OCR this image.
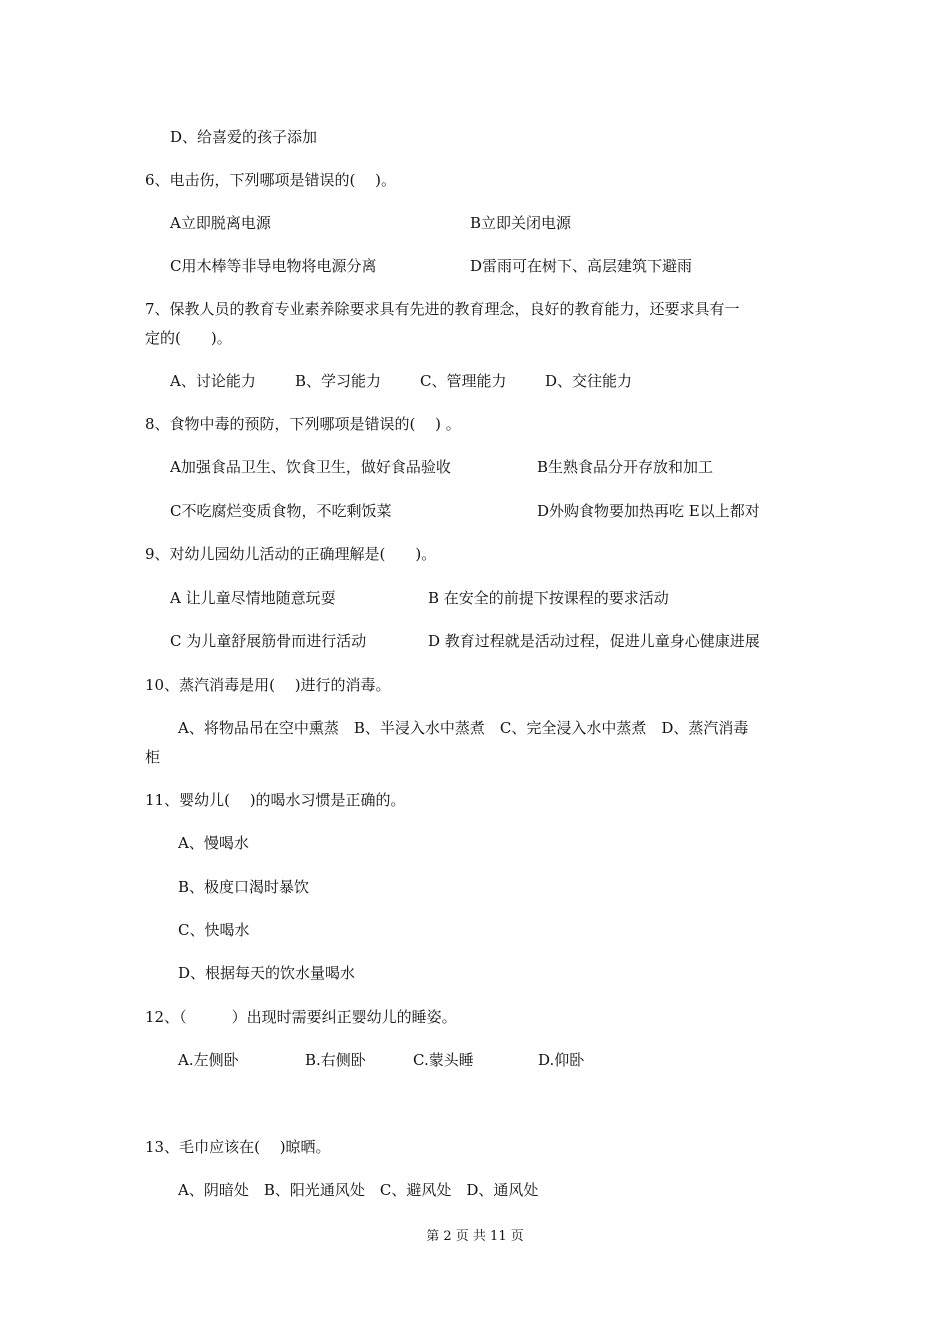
D、给喜爱的孩子添加
6、电击伤，下列哪项是错误的(　 )。
A立即脱离电源	B立即关闭电源
C用木棒等非导电物将电源分离	D雷雨可在树下、高层建筑下避雨
7、保教人员的教育专业素养除要求具有先进的教育理念，良好的教育能力，还要求具有一
定的(　　)。
A、讨论能力	B、学习能力	C、管理能力	D、交往能力
8、食物中毒的预防，下列哪项是错误的(　 ) 。
A加强食品卫生、饮食卫生，做好食品验收	B生熟食品分开存放和加工
C不吃腐烂变质食物，不吃剩饭菜	D外购食物要加热再吃 E以上都对
9、对幼儿园幼儿活动的正确理解是(　　)。
A 让儿童尽情地随意玩耍	B 在安全的前提下按课程的要求活动
C 为儿童舒展筋骨而进行活动	D 教育过程就是活动过程，促进儿童身心健康进展
10、蒸汽消毒是用(　 )进行的消毒。
A、将物品吊在空中熏蒸　B、半浸入水中蒸煮　C、完全浸入水中蒸煮　D、蒸汽消毒
柜
11、婴幼儿(　 )的喝水习惯是正确的。
A、慢喝水
B、极度口渴时暴饮
C、快喝水
D、根据每天的饮水量喝水
12、（　　　）出现时需要纠正婴幼儿的睡姿。
A.左侧卧	B.右侧卧	C.蒙头睡	D.仰卧
13、毛巾应该在(　 )晾晒。
A、阴暗处　B、阳光通风处　C、避风处　D、通风处
第 2 页 共 11 页
